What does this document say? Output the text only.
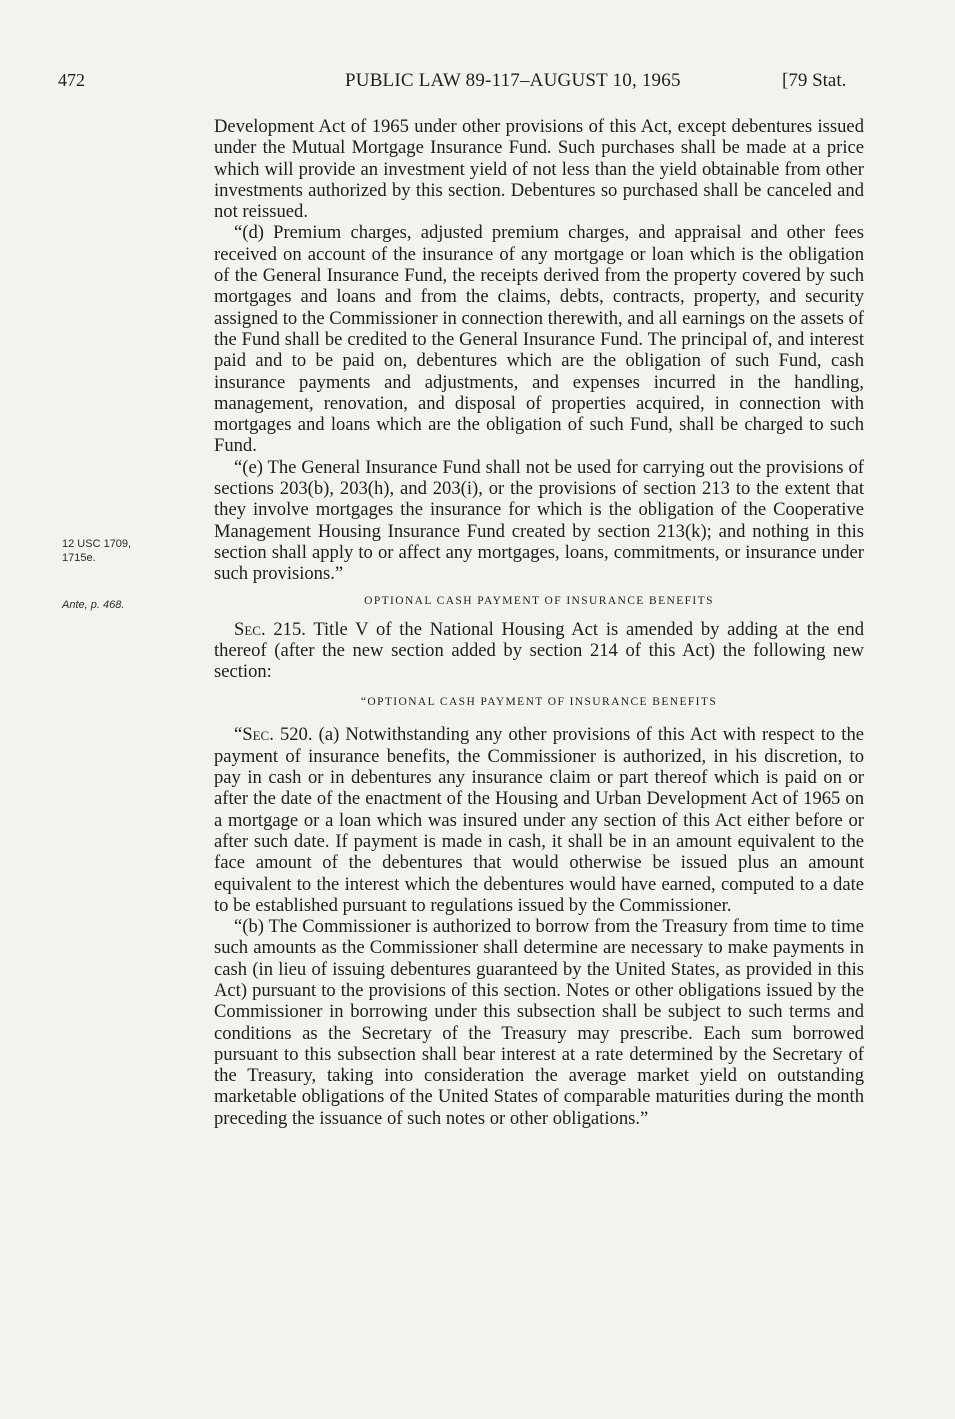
472	PUBLIC LAW 89-117–AUGUST 10, 1965	[79 Stat.
12 USC 1709,
1715e.
Ante, p. 468.

Development Act of 1965 under other provisions of this Act, except debentures issued under the Mutual Mortgage Insurance Fund. Such purchases shall be made at a price which will provide an investment yield of not less than the yield obtainable from other investments authorized by this section. Debentures so purchased shall be canceled and not reissued.

“(d) Premium charges, adjusted premium charges, and appraisal and other fees received on account of the insurance of any mortgage or loan which is the obligation of the General Insurance Fund, the receipts derived from the property covered by such mortgages and loans and from the claims, debts, contracts, property, and security assigned to the Commissioner in connection therewith, and all earnings on the assets of the Fund shall be credited to the General Insurance Fund. The principal of, and interest paid and to be paid on, debentures which are the obligation of such Fund, cash insurance payments and adjustments, and expenses incurred in the handling, management, renovation, and disposal of properties acquired, in connection with mortgages and loans which are the obligation of such Fund, shall be charged to such Fund.

“(e) The General Insurance Fund shall not be used for carrying out the provisions of sections 203(b), 203(h), and 203(i), or the provisions of section 213 to the extent that they involve mortgages the insurance for which is the obligation of the Cooperative Management Housing Insurance Fund created by section 213(k); and nothing in this section shall apply to or affect any mortgages, loans, commitments, or insurance under such provisions.”

OPTIONAL CASH PAYMENT OF INSURANCE BENEFITS

Sec. 215. Title V of the National Housing Act is amended by adding at the end thereof (after the new section added by section 214 of this Act) the following new section:

“OPTIONAL CASH PAYMENT OF INSURANCE BENEFITS

“Sec. 520. (a) Notwithstanding any other provisions of this Act with respect to the payment of insurance benefits, the Commissioner is authorized, in his discretion, to pay in cash or in debentures any insurance claim or part thereof which is paid on or after the date of the enactment of the Housing and Urban Development Act of 1965 on a mortgage or a loan which was insured under any section of this Act either before or after such date. If payment is made in cash, it shall be in an amount equivalent to the face amount of the debentures that would otherwise be issued plus an amount equivalent to the interest which the debentures would have earned, computed to a date to be established pursuant to regulations issued by the Commissioner.

“(b) The Commissioner is authorized to borrow from the Treasury from time to time such amounts as the Commissioner shall determine are necessary to make payments in cash (in lieu of issuing debentures guaranteed by the United States, as provided in this Act) pursuant to the provisions of this section. Notes or other obligations issued by the Commissioner in borrowing under this subsection shall be subject to such terms and conditions as the Secretary of the Treasury may prescribe. Each sum borrowed pursuant to this subsection shall bear interest at a rate determined by the Secretary of the Treasury, taking into consideration the average market yield on outstanding marketable obligations of the United States of comparable maturities during the month preceding the issuance of such notes or other obligations.”
